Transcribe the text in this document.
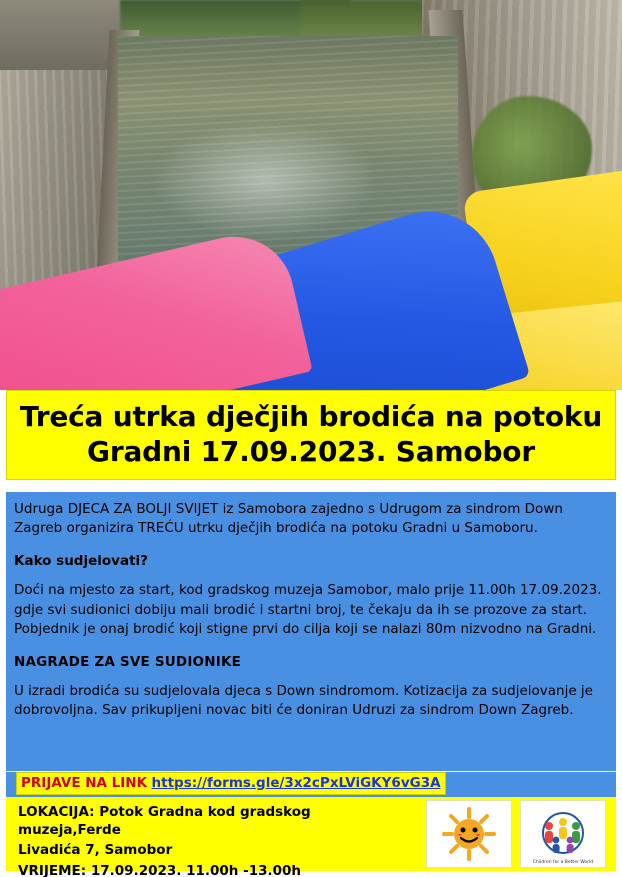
Treća utrka dječjih brodića na potoku
Gradni 17.09.2023. Samobor

Udruga DJECA ZA BOLJI SVIJET iz Samobora zajedno s Udrugom za sindrom Down

Zagreb organizira TREĆU utrku dječjih brodića na potoku Gradni u Samoboru.

Kako sudjelovati?

Doći na mjesto za start, kod gradskog muzeja Samobor, malo prije 11.00h 17.09.2023.

gdje svi sudionici dobiju mali brodić i startni broj, te čekaju da ih se prozove za start.

Pobjednik je onaj brodić koji stigne prvi do cilja koji se nalazi 80m nizvodno na Gradni.

NAGRADE ZA SVE SUDIONIKE

U izradi brodića su sudjelovala djeca s Down sindromom. Kotizacija za sudjelovanje je

dobrovoljna. Sav prikupljeni novac biti će doniran Udruzi za sindrom Down Zagreb.

PRIJAVE NA LINK https://forms.gle/3x2cPxLViGKY6vG3A

LOKACIJA: Potok Gradna kod gradskog muzeja,Ferde

Livadića 7, Samobor

VRIJEME: 17.09.2023. 11.00h -13.00h

Children for a Better World
